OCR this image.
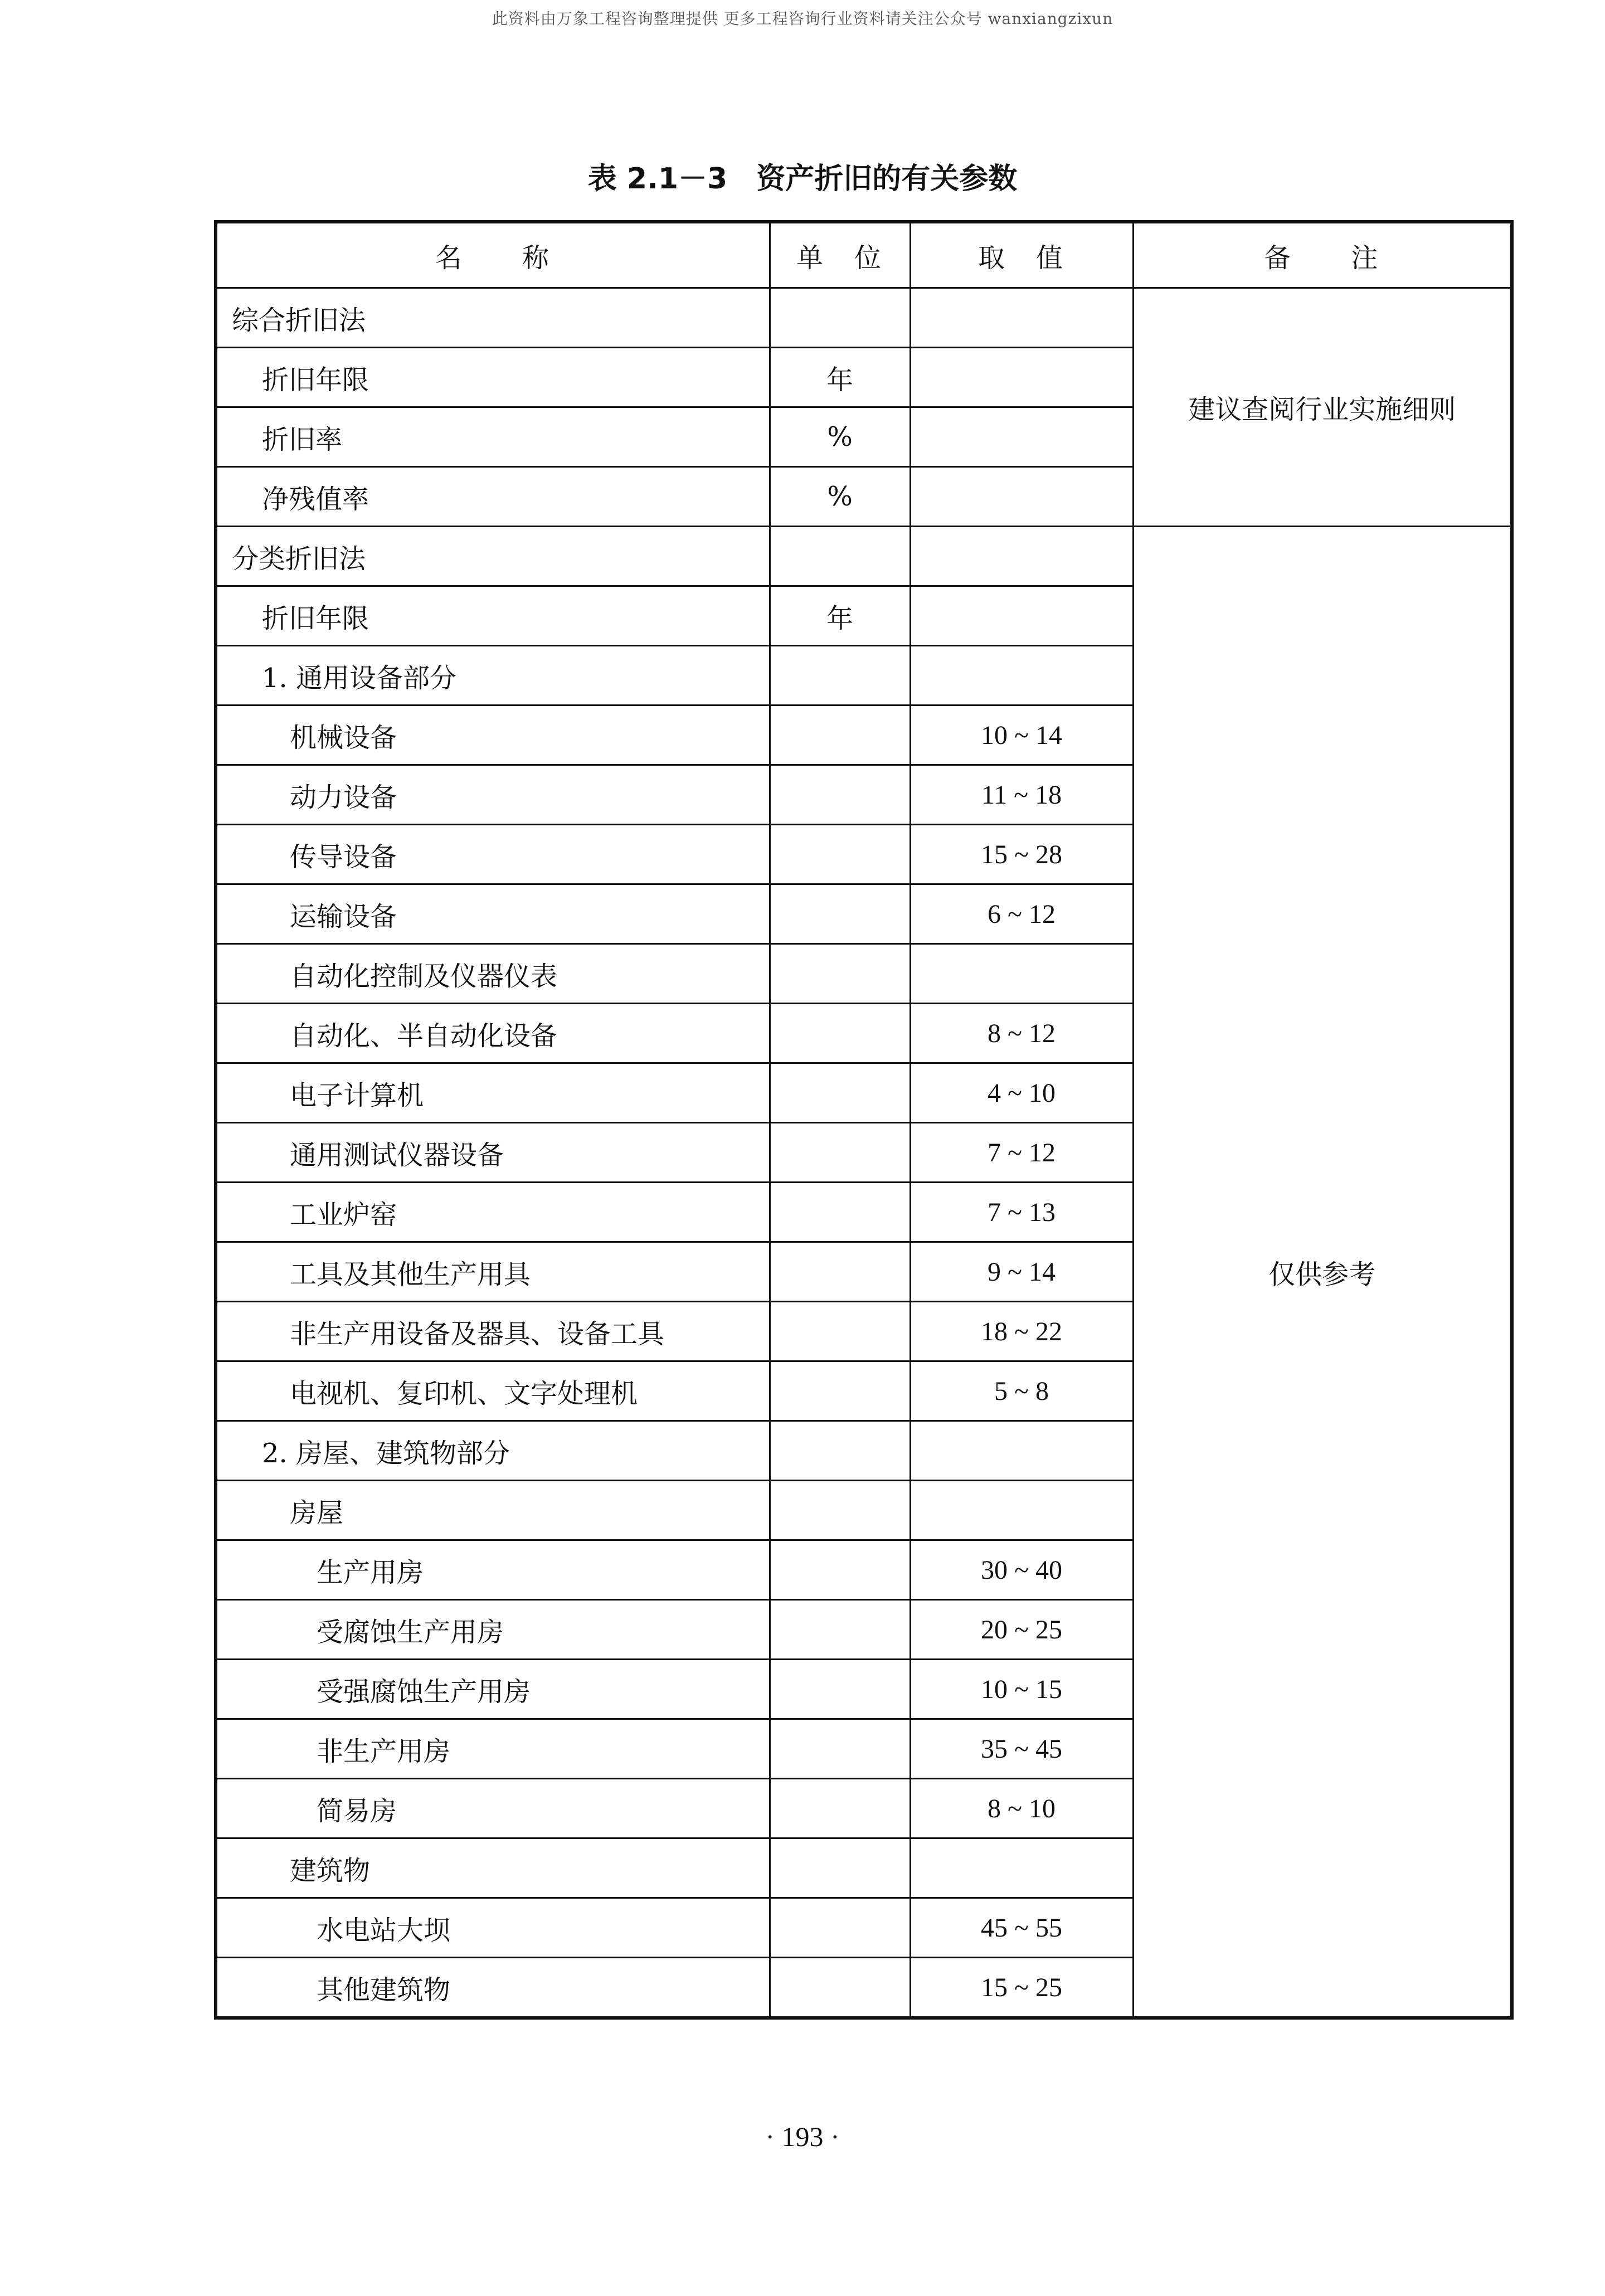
此资料由万象工程咨询整理提供 更多工程咨询行业资料请关注公众号 wanxiangzixun
表 2.1－3　资产折旧的有关参数
名　　称	单　位	取　值	备　　注
综合折旧法			建议查阅行业实施细则
折旧年限	年		
折旧率	%		
净残值率	%		
分类折旧法			仅供参考
折旧年限	年		
1. 通用设备部分			
机械设备		10 ~ 14	
动力设备		11 ~ 18	
传导设备		15 ~ 28	
运输设备		6 ~ 12	
自动化控制及仪器仪表			
自动化、半自动化设备		8 ~ 12	
电子计算机		4 ~ 10	
通用测试仪器设备		7 ~ 12	
工业炉窑		7 ~ 13	
工具及其他生产用具		9 ~ 14	
非生产用设备及器具、设备工具		18 ~ 22	
电视机、复印机、文字处理机		5 ~ 8	
2. 房屋、建筑物部分			
房屋			
生产用房		30 ~ 40	
受腐蚀生产用房		20 ~ 25	
受强腐蚀生产用房		10 ~ 15	
非生产用房		35 ~ 45	
简易房		8 ~ 10	
建筑物			
水电站大坝		45 ~ 55	
其他建筑物		15 ~ 25	
· 193 ·
